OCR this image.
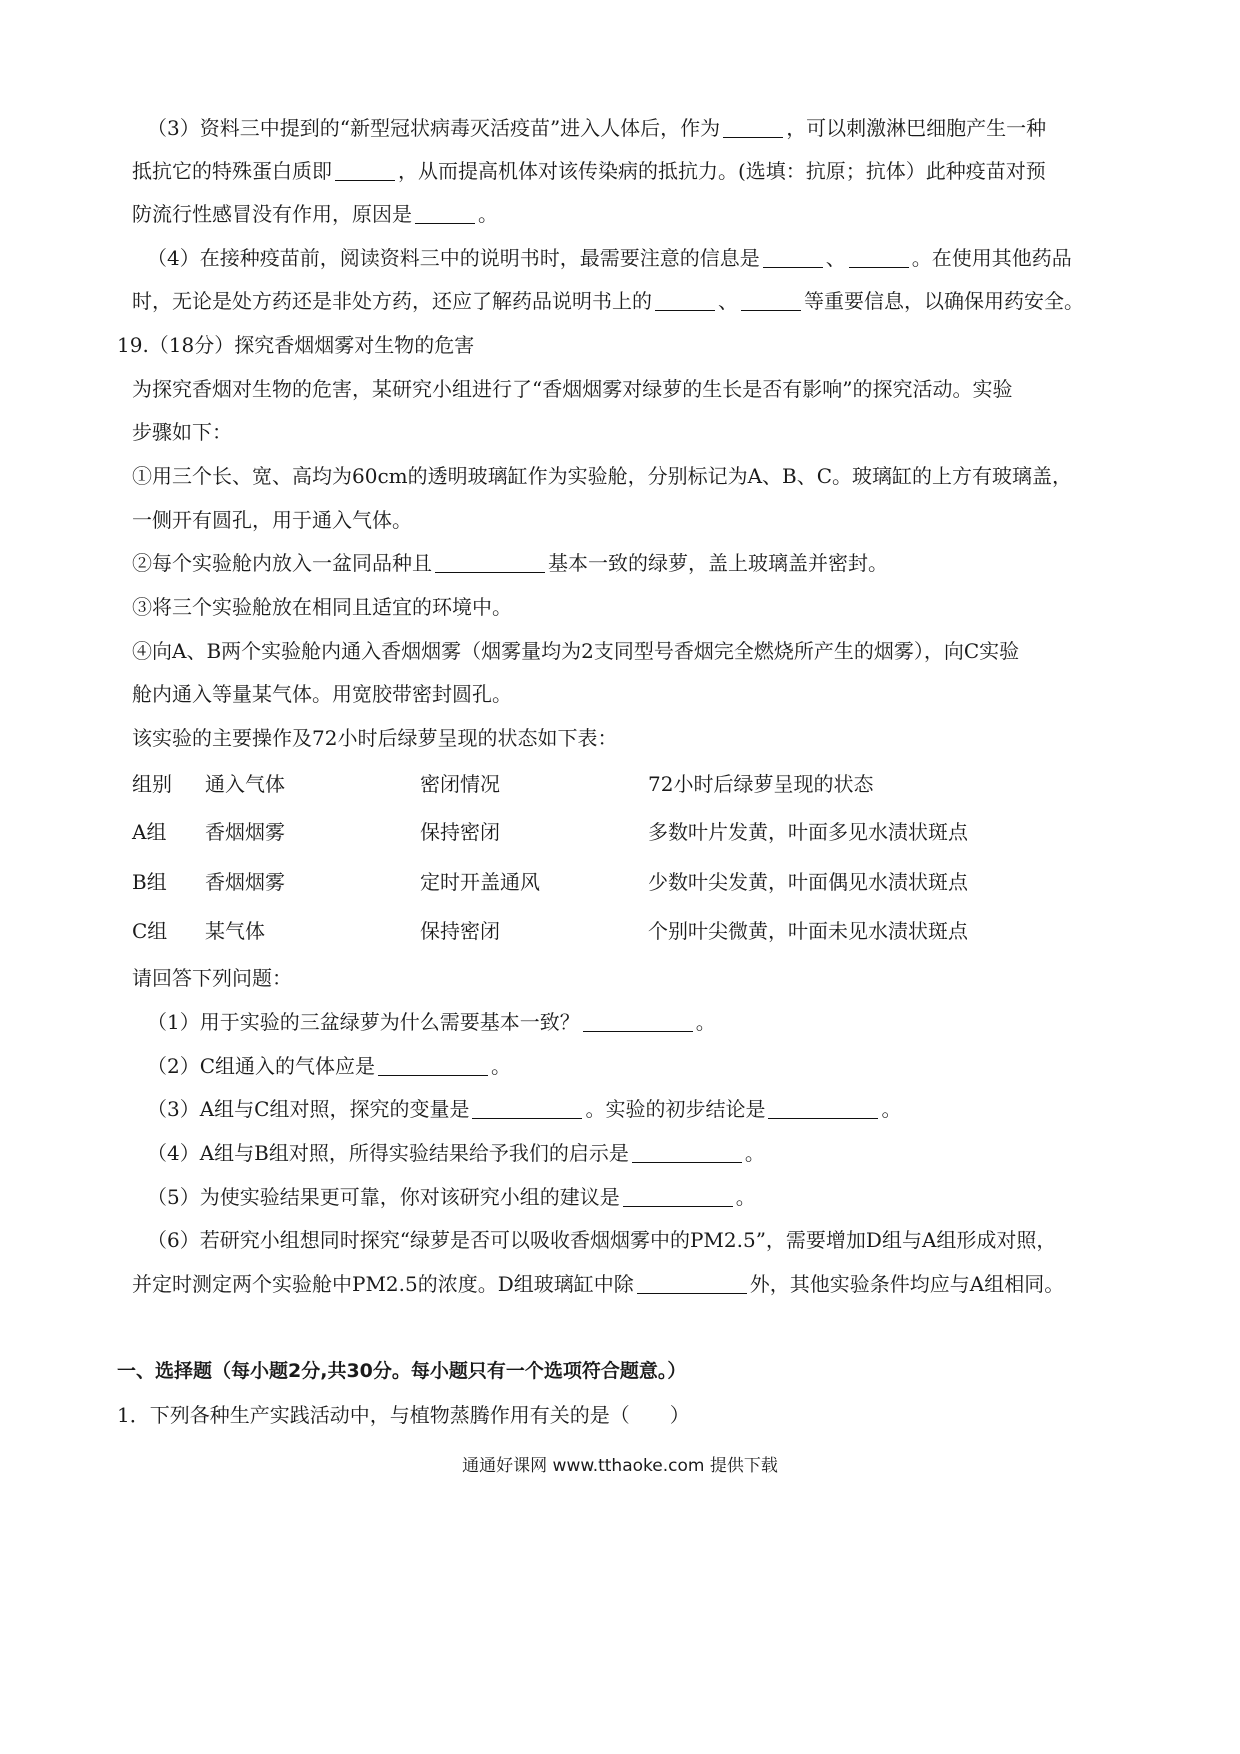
（3）资料三中提到的“新型冠状病毒灭活疫苗”进入人体后，作为	，可以刺激淋巴细胞产生一种
抵抗它的特殊蛋白质即	，从而提高机体对该传染病的抵抗力。(选填：抗原；抗体）此种疫苗对预
防流行性感冒没有作用，原因是	。
（4）在接种疫苗前，阅读资料三中的说明书时，最需要注意的信息是	、	。在使用其他药品
时，无论是处方药还是非处方药，还应了解药品说明书上的	、	等重要信息，以确保用药安全。
19.（18分）探究香烟烟雾对生物的危害
为探究香烟对生物的危害，某研究小组进行了“香烟烟雾对绿萝的生长是否有影响”的探究活动。实验
步骤如下：
①用三个长、宽、高均为60cm的透明玻璃缸作为实验舱，分别标记为A、B、C。玻璃缸的上方有玻璃盖，
一侧开有圆孔，用于通入气体。
②每个实验舱内放入一盆同品种且	基本一致的绿萝，盖上玻璃盖并密封。
③将三个实验舱放在相同且适宜的环境中。
④向A、B两个实验舱内通入香烟烟雾（烟雾量均为2支同型号香烟完全燃烧所产生的烟雾），向C实验
舱内通入等量某气体。用宽胶带密封圆孔。
该实验的主要操作及72小时后绿萝呈现的状态如下表：
组别 通入气体	密闭情况	72小时后绿萝呈现的状态
A组 香烟烟雾	保持密闭	多数叶片发黄，叶面多见水渍状斑点
B组 香烟烟雾	定时开盖通风	少数叶尖发黄，叶面偶见水渍状斑点
C组 某气体	保持密闭	个别叶尖微黄，叶面未见水渍状斑点
请回答下列问题：
（1）用于实验的三盆绿萝为什么需要基本一致？	。
（2）C组通入的气体应是	。
（3）A组与C组对照，探究的变量是	。实验的初步结论是	。
（4）A组与B组对照，所得实验结果给予我们的启示是	。
（5）为使实验结果更可靠，你对该研究小组的建议是	。
（6）若研究小组想同时探究“绿萝是否可以吸收香烟烟雾中的PM2.5”，需要增加D组与A组形成对照，
并定时测定两个实验舱中PM2.5的浓度。D组玻璃缸中除	外，其他实验条件均应与A组相同。
一、选择题（每小题2分,共30分。每小题只有一个选项符合题意。）
1．下列各种生产实践活动中，与植物蒸腾作用有关的是（　　）
通通好课网 www.tthaoke.com 提供下载
